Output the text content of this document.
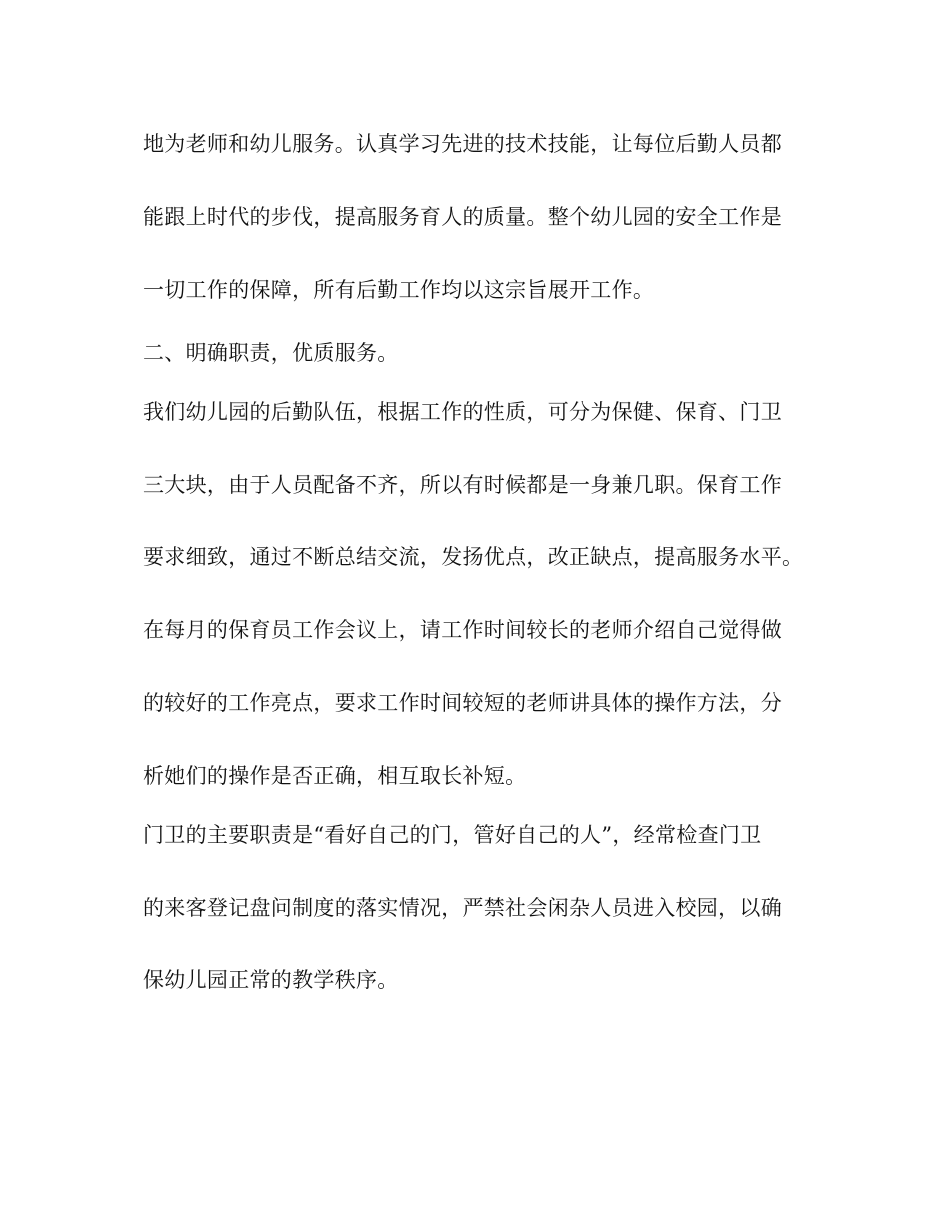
地为老师和幼儿服务。认真学习先进的技术技能，让每位后勤人员都
能跟上时代的步伐，提高服务育人的质量。整个幼儿园的安全工作是
一切工作的保障，所有后勤工作均以这宗旨展开工作。
二、明确职责，优质服务。
我们幼儿园的后勤队伍，根据工作的性质，可分为保健、保育、门卫
三大块，由于人员配备不齐，所以有时候都是一身兼几职。保育工作
要求细致，通过不断总结交流，发扬优点，改正缺点，提高服务水平。
在每月的保育员工作会议上，请工作时间较长的老师介绍自己觉得做
的较好的工作亮点，要求工作时间较短的老师讲具体的操作方法，分
析她们的操作是否正确，相互取长补短。
门卫的主要职责是“看好自己的门，管好自己的人”，经常检查门卫
的来客登记盘问制度的落实情况，严禁社会闲杂人员进入校园，以确
保幼儿园正常的教学秩序。
